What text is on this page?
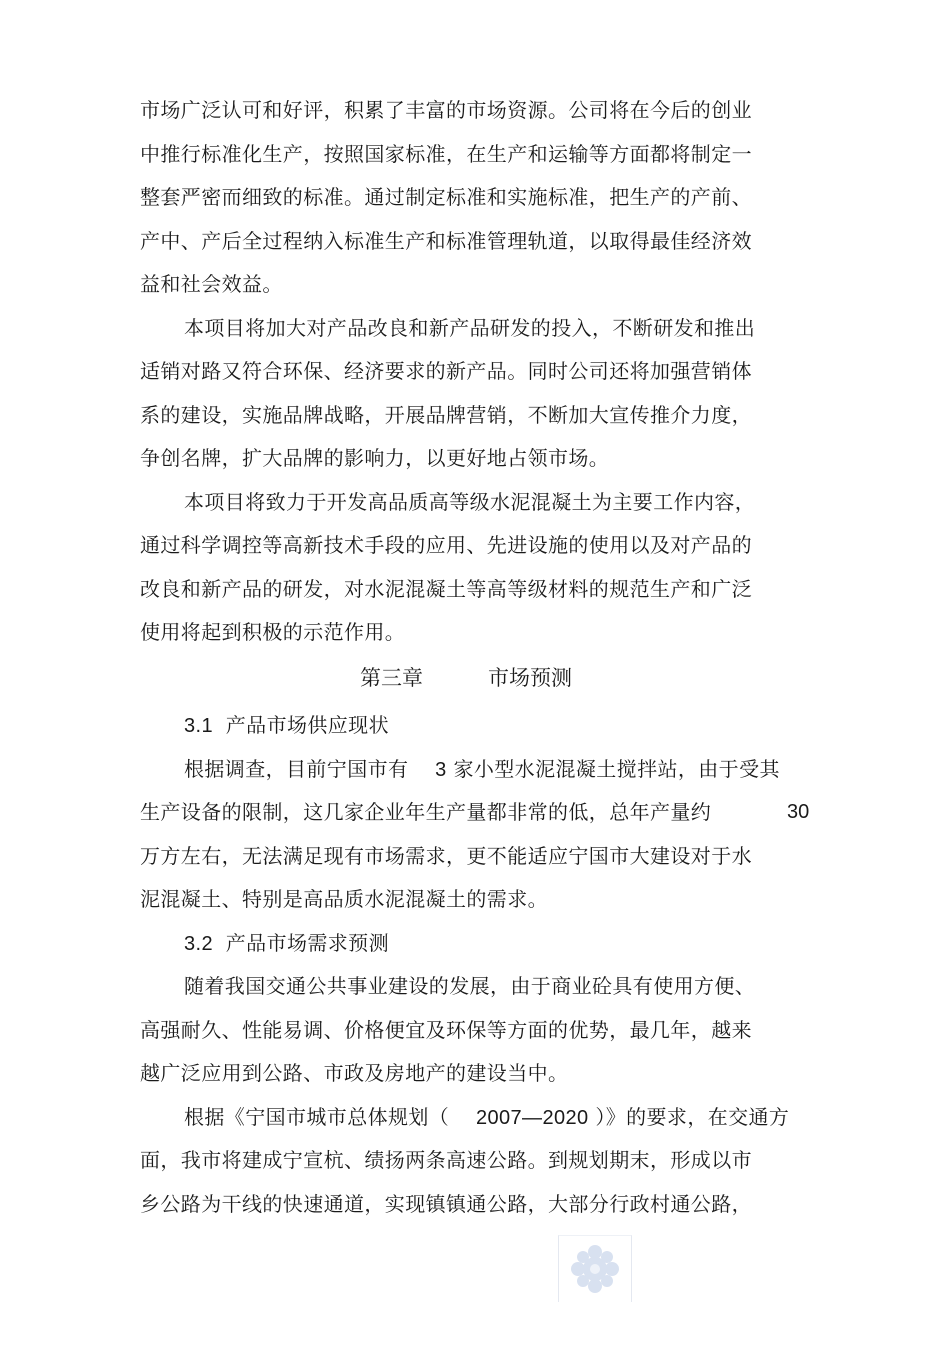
市场广泛认可和好评，积累了丰富的市场资源。公司将在今后的创业
中推行标准化生产，按照国家标准，在生产和运输等方面都将制定一
整套严密而细致的标准。通过制定标准和实施标准，把生产的产前、
产中、产后全过程纳入标准生产和标准管理轨道，以取得最佳经济效
益和社会效益。
本项目将加大对产品改良和新产品研发的投入，不断研发和推出
适销对路又符合环保、经济要求的新产品。同时公司还将加强营销体
系的建设，实施品牌战略，开展品牌营销，不断加大宣传推介力度，
争创名牌，扩大品牌的影响力，以更好地占领市场。
本项目将致力于开发高品质高等级水泥混凝土为主要工作内容，
通过科学调控等高新技术手段的应用、先进设施的使用以及对产品的
改良和新产品的研发，对水泥混凝土等高等级材料的规范生产和广泛
使用将起到积极的示范作用。
第三章	市场预测
3.1 产品市场供应现状
根据调查，目前宁国市有 3 家小型水泥混凝土搅拌站，由于受其
生产设备的限制，这几家企业年生产量都非常的低，总年产量约	30
万方左右，无法满足现有市场需求，更不能适应宁国市大建设对于水
泥混凝土、特别是高品质水泥混凝土的需求。
3.2 产品市场需求预测
随着我国交通公共事业建设的发展，由于商业砼具有使用方便、
高强耐久、性能易调、价格便宜及环保等方面的优势，最几年，越来
越广泛应用到公路、市政及房地产的建设当中。
根据《宁国市城市总体规划（ 2007—2020 ）》的要求，在交通方
面，我市将建成宁宣杭、绩扬两条高速公路。到规划期末，形成以市
乡公路为干线的快速通道，实现镇镇通公路，大部分行政村通公路，
